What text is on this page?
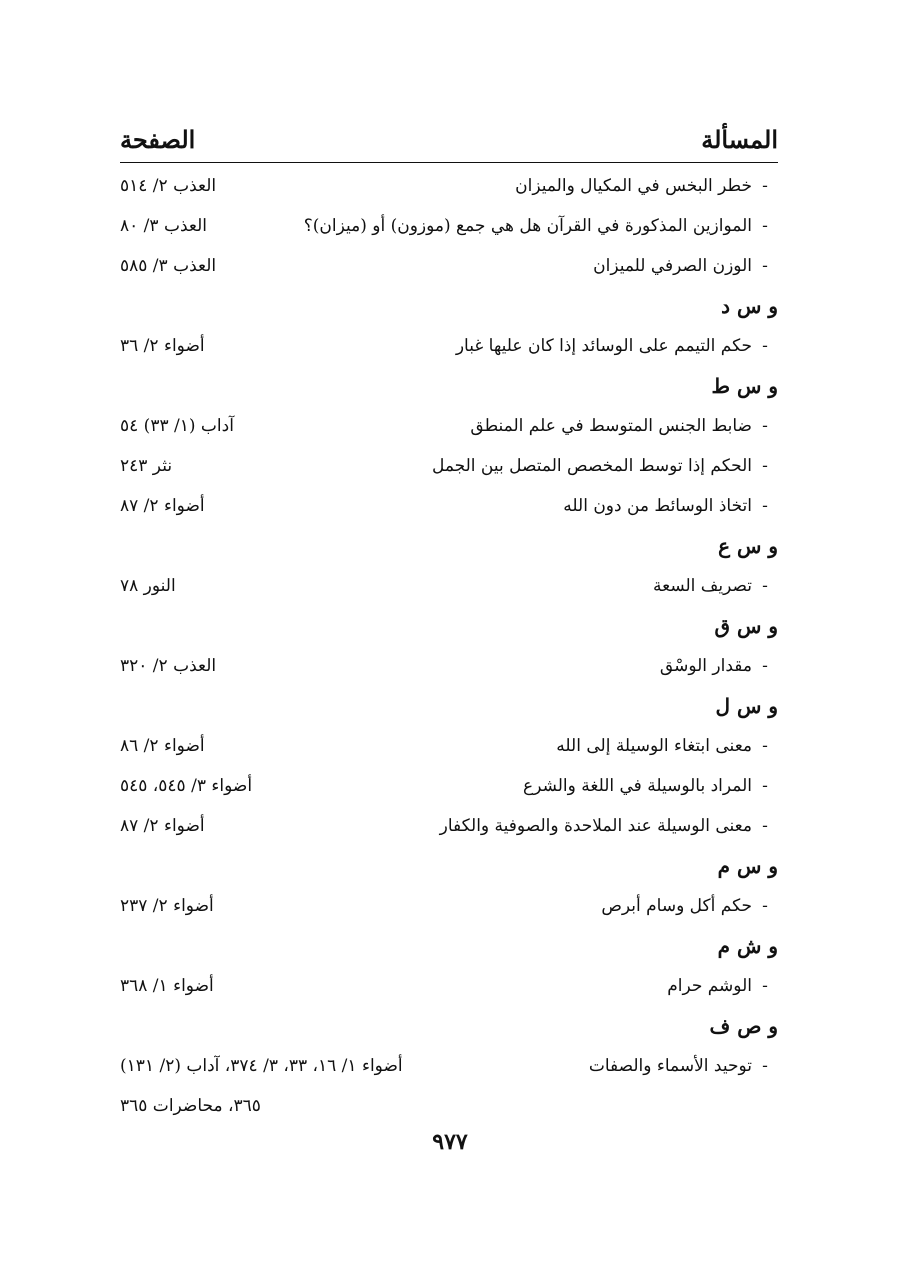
المسألة
الصفحة
-خطر البخس في المكيال والميزان
العذب ٢/ ٥١٤
-الموازين المذكورة في القرآن هل هي جمع (موزون) أو (ميزان)؟
العذب ٣/ ٨٠
-الوزن الصرفي للميزان
العذب ٣/ ٥٨٥
و س د
-حكم التيمم على الوسائد إذا كان عليها غبار
أضواء ٢/ ٣٦
و س ط
-ضابط الجنس المتوسط في علم المنطق
آداب (١/ ٣٣) ٥٤
-الحكم إذا توسط المخصص المتصل بين الجمل
نثر ٢٤٣
-اتخاذ الوسائط من دون الله
أضواء ٢/ ٨٧
و س ع
-تصريف السعة
النور ٧٨
و س ق
-مقدار الوسْق
العذب ٢/ ٣٢٠
و س ل
-معنى ابتغاء الوسيلة إلى الله
أضواء ٢/ ٨٦
-المراد بالوسيلة في اللغة والشرع
أضواء ٣/ ٥٤٥، ٥٤٥
-معنى الوسيلة عند الملاحدة والصوفية والكفار
أضواء ٢/ ٨٧
و س م
-حكم أكل وسام أبرص
أضواء ٢/ ٢٣٧
و ش م
-الوشم حرام
أضواء ١/ ٣٦٨
و ص ف
-توحيد الأسماء والصفات
أضواء ١/ ١٦، ٣٣، ٣/ ٣٧٤، آداب (٢/ ١٣١)
٣٦٥، محاضرات ٣٦٥
٩٧٧
